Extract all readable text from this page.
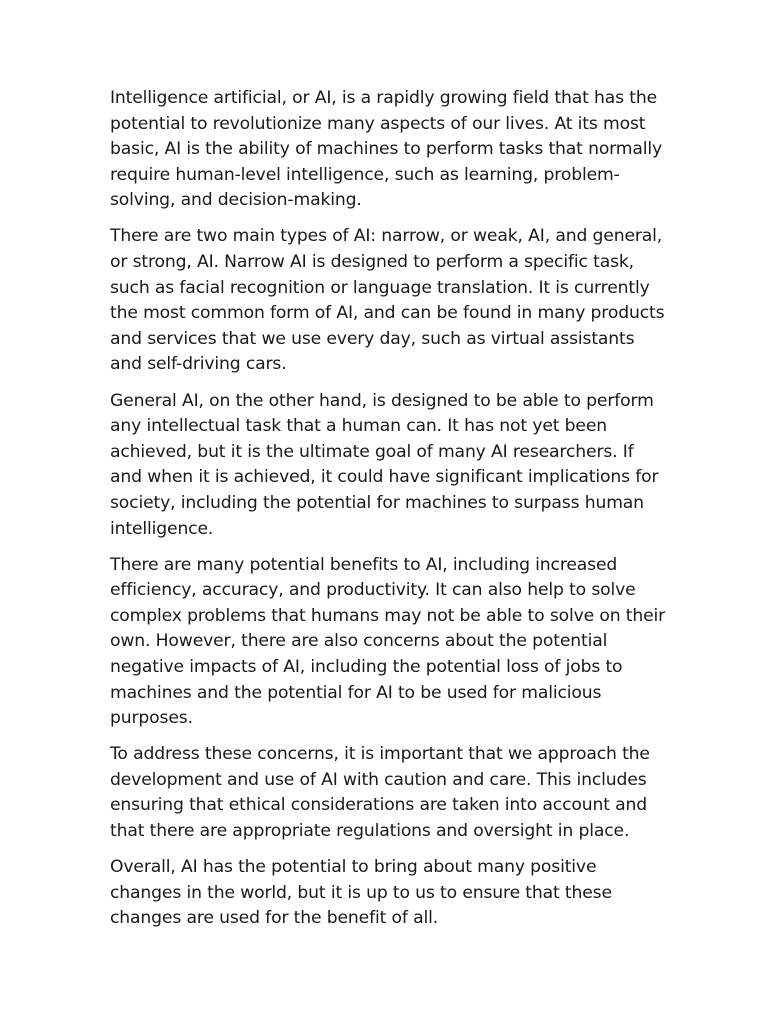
Intelligence artificial, or AI, is a rapidly growing field that has the potential to revolutionize many aspects of our lives. At its most basic, AI is the ability of machines to perform tasks that normally require human-level intelligence, such as learning, problem-solving, and decision-making.

There are two main types of AI: narrow, or weak, AI, and general, or strong, AI. Narrow AI is designed to perform a specific task, such as facial recognition or language translation. It is currently the most common form of AI, and can be found in many products and services that we use every day, such as virtual assistants and self-driving cars.

General AI, on the other hand, is designed to be able to perform any intellectual task that a human can. It has not yet been achieved, but it is the ultimate goal of many AI researchers. If and when it is achieved, it could have significant implications for society, including the potential for machines to surpass human intelligence.

There are many potential benefits to AI, including increased efficiency, accuracy, and productivity. It can also help to solve complex problems that humans may not be able to solve on their own. However, there are also concerns about the potential negative impacts of AI, including the potential loss of jobs to machines and the potential for AI to be used for malicious purposes.

To address these concerns, it is important that we approach the development and use of AI with caution and care. This includes ensuring that ethical considerations are taken into account and that there are appropriate regulations and oversight in place.

Overall, AI has the potential to bring about many positive changes in the world, but it is up to us to ensure that these changes are used for the benefit of all.
